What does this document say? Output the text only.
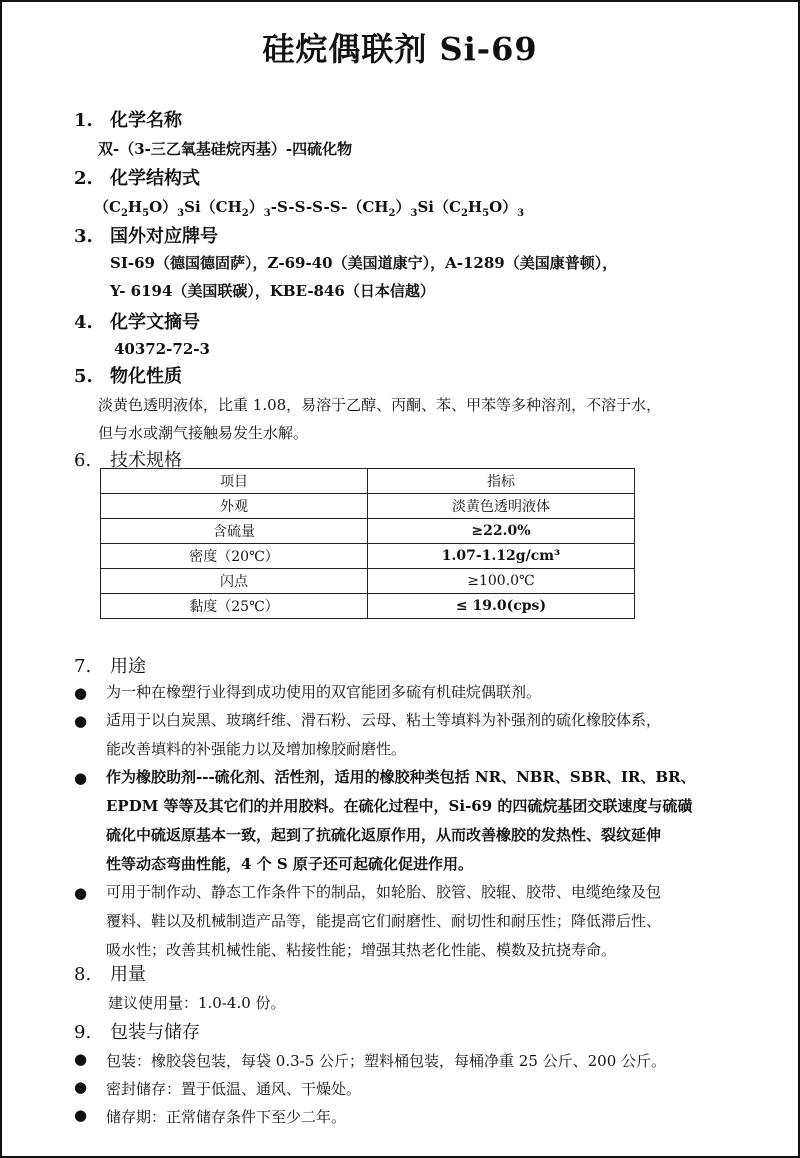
硅烷偶联剂 Si-69
1. 化学名称
双-（3-三乙氧基硅烷丙基）-四硫化物
2. 化学结构式
$(C_2H_5O)_3Si(CH_2)_3-S-S-S-S-(CH_2)_3Si(C_2H_5O)_3$
3. 国外对应牌号
SI-69（德国德固萨），Z-69-40（美国道康宁），A-1289（美国康普顿），
Y- 6194（美国联碳），KBE-846（日本信越）
4. 化学文摘号
40372-72-3
5. 物化性质
淡黄色透明液体，比重 1.08，易溶于乙醇、丙酮、苯、甲苯等多种溶剂，不溶于水，
但与水或潮气接触易发生水解。
6. 技术规格
项目	指标
外观	淡黄色透明液体
含硫量	≥22.0%
密度（20℃）	1.07-1.12g/cm³
闪点	≥100.0℃
黏度（25℃）	≤ 19.0(cps)
7. 用途
● 为一种在橡塑行业得到成功使用的双官能团多硫有机硅烷偶联剂。

● 适用于以白炭黑、玻璃纤维、滑石粉、云母、粘土等填料为补强剂的硫化橡胶体系，

能改善填料的补强能力以及增加橡胶耐磨性。

● 作为橡胶助剂---硫化剂、活性剂，适用的橡胶种类包括 NR、NBR、SBR、IR、BR、

EPDM 等等及其它们的并用胶料。在硫化过程中，Si-69 的四硫烷基团交联速度与硫磺

硫化中硫返原基本一致，起到了抗硫化返原作用，从而改善橡胶的发热性、裂纹延伸

性等动态弯曲性能，4 个 S 原子还可起硫化促进作用。

● 可用于制作动、静态工作条件下的制品，如轮胎、胶管、胶辊、胶带、电缆绝缘及包

覆料、鞋以及机械制造产品等，能提高它们耐磨性、耐切性和耐压性；降低滞后性、

吸水性；改善其机械性能、粘接性能；增强其热老化性能、模数及抗挠寿命。

8. 用量
建议使用量：1.0-4.0 份。
9. 包装与储存
● 包装：橡胶袋包装，每袋 0.3-5 公斤；塑料桶包装，每桶净重 25 公斤、200 公斤。
● 密封储存：置于低温、通风、干燥处。
● 储存期：正常储存条件下至少二年。
